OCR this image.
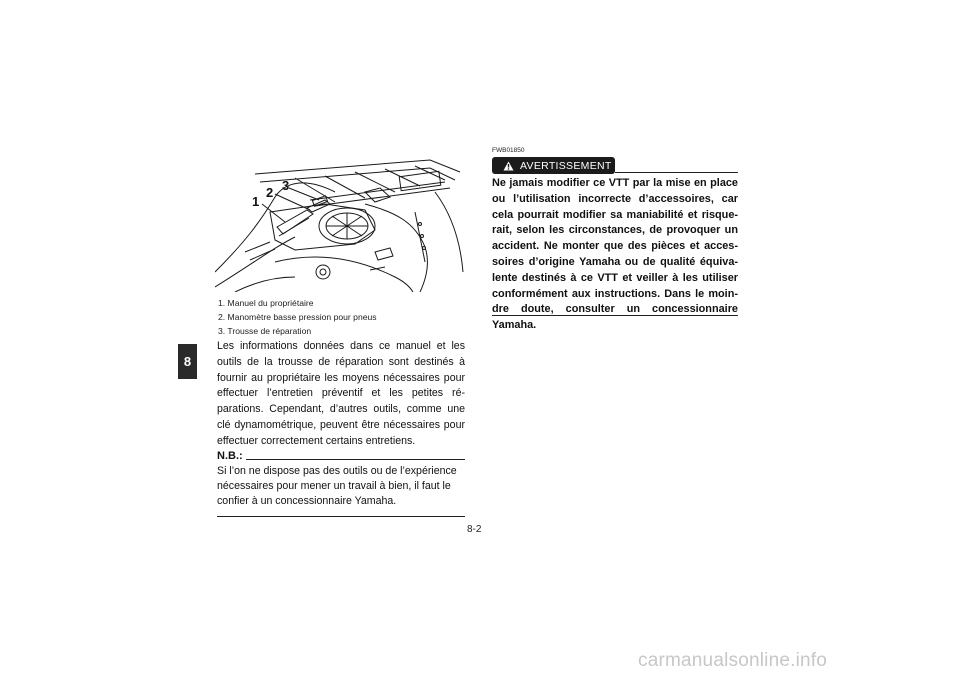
8
1
2 3
1. Manuel du propriétaire
2. Manomètre basse pression pour pneus
3. Trousse de réparation
Les informations données dans ce manuel et les outils de la trousse de réparation sont destinés à fournir au propriétaire les moyens nécessaires pour effectuer l’entretien préventif et les petites ré-parations. Cependant, d’autres outils, comme une clé dynamométrique, peuvent être nécessaires pour effectuer correctement certains entretiens.
N.B.:
Si l’on ne dispose pas des outils ou de l’expérience nécessaires pour mener un travail à bien, il faut le confier à un concessionnaire Yamaha.
FWB01850
AVERTISSEMENT
Ne jamais modifier ce VTT par la mise en place ou l’utilisation incorrecte d’accessoires, car cela pourrait modifier sa maniabilité et risque-rait, selon les circonstances, de provoquer un accident. Ne monter que des pièces et acces-soires d’origine Yamaha ou de qualité équiva-lente destinés à ce VTT et veiller à les utiliser conformément aux instructions. Dans le moin-dre doute, consulter un concessionnaire Yamaha.
8-2
carmanualsonline.info
